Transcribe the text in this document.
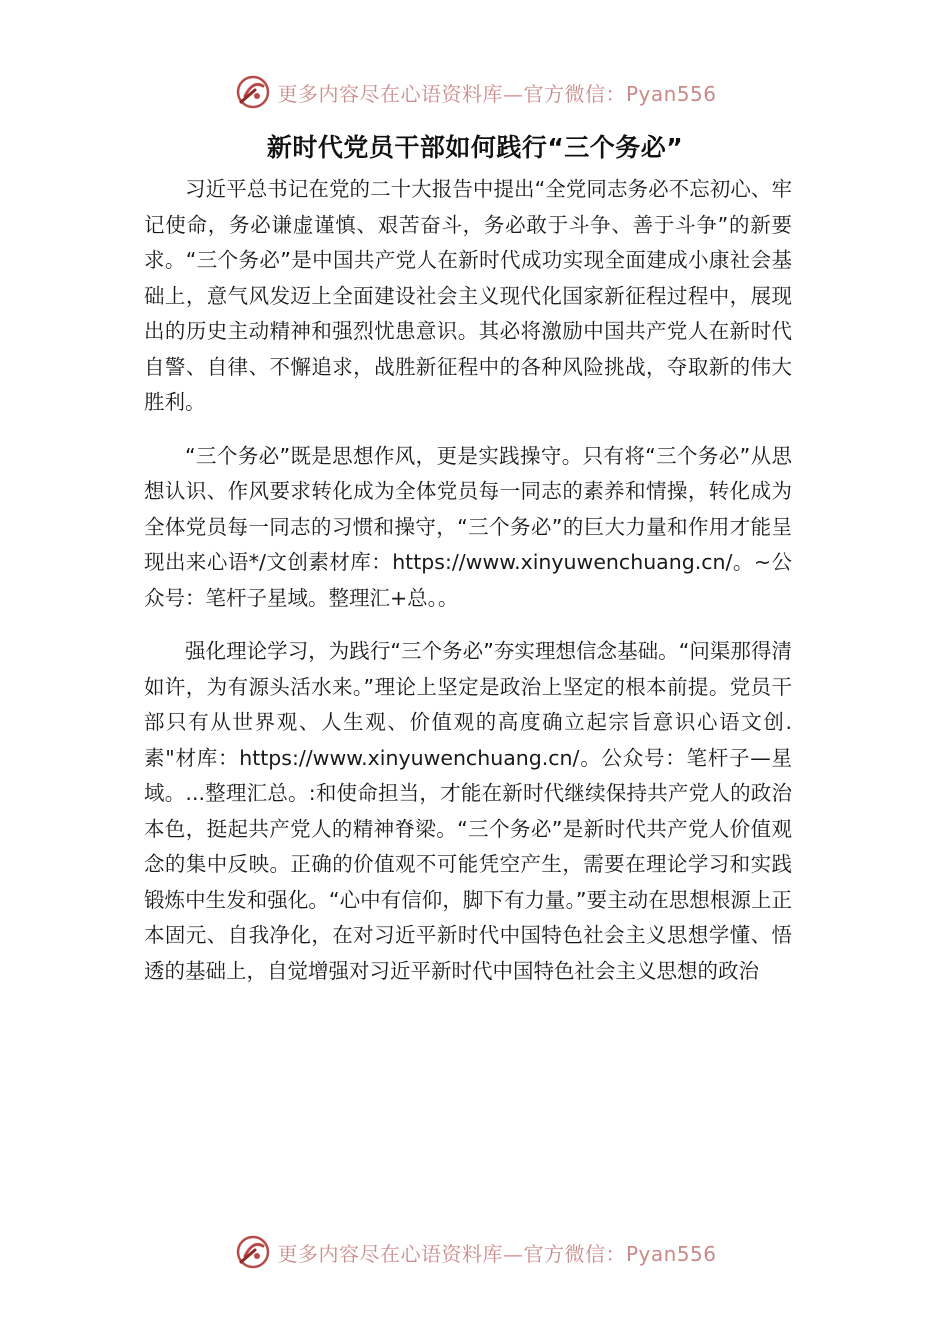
更多内容尽在心语资料库—官方微信：Pyan556
新时代党员干部如何践行“三个务必”

习近平总书记在党的二十大报告中提出“全党同志务必不忘初心、牢记使命，务必谦虚谨慎、艰苦奋斗，务必敢于斗争、善于斗争”的新要求。“三个务必”是中国共产党人在新时代成功实现全面建成小康社会基础上，意气风发迈上全面建设社会主义现代化国家新征程过程中，展现出的历史主动精神和强烈忧患意识。其必将激励中国共产党人在新时代自警、自律、不懈追求，战胜新征程中的各种风险挑战，夺取新的伟大胜利。

“三个务必”既是思想作风，更是实践操守。只有将“三个务必”从思想认识、作风要求转化成为全体党员每一同志的素养和情操，转化成为全体党员每一同志的习惯和操守，“三个务必”的巨大力量和作用才能呈现出来心语*/文创素材库：https://www.xinyuwenchuang.cn/。~公众号：笔杆子星域。整理汇+总。。

强化理论学习，为践行“三个务必”夯实理想信念基础。“问渠那得清如许，为有源头活水来。”理论上坚定是政治上坚定的根本前提。党员干部只有从世界观、人生观、价值观的高度确立起宗旨意识心语文创.素"材库：https://www.xinyuwenchuang.cn/。公众号：笔杆子—星域。...整理汇总。:和使命担当，才能在新时代继续保持共产党人的政治本色，挺起共产党人的精神脊梁。“三个务必”是新时代共产党人价值观念的集中反映。正确的价值观不可能凭空产生，需要在理论学习和实践锻炼中生发和强化。“心中有信仰，脚下有力量。”要主动在思想根源上正本固元、自我净化，在对习近平新时代中国特色社会主义思想学懂、悟透的基础上，自觉增强对习近平新时代中国特色社会主义思想的政治

更多内容尽在心语资料库—官方微信：Pyan556
